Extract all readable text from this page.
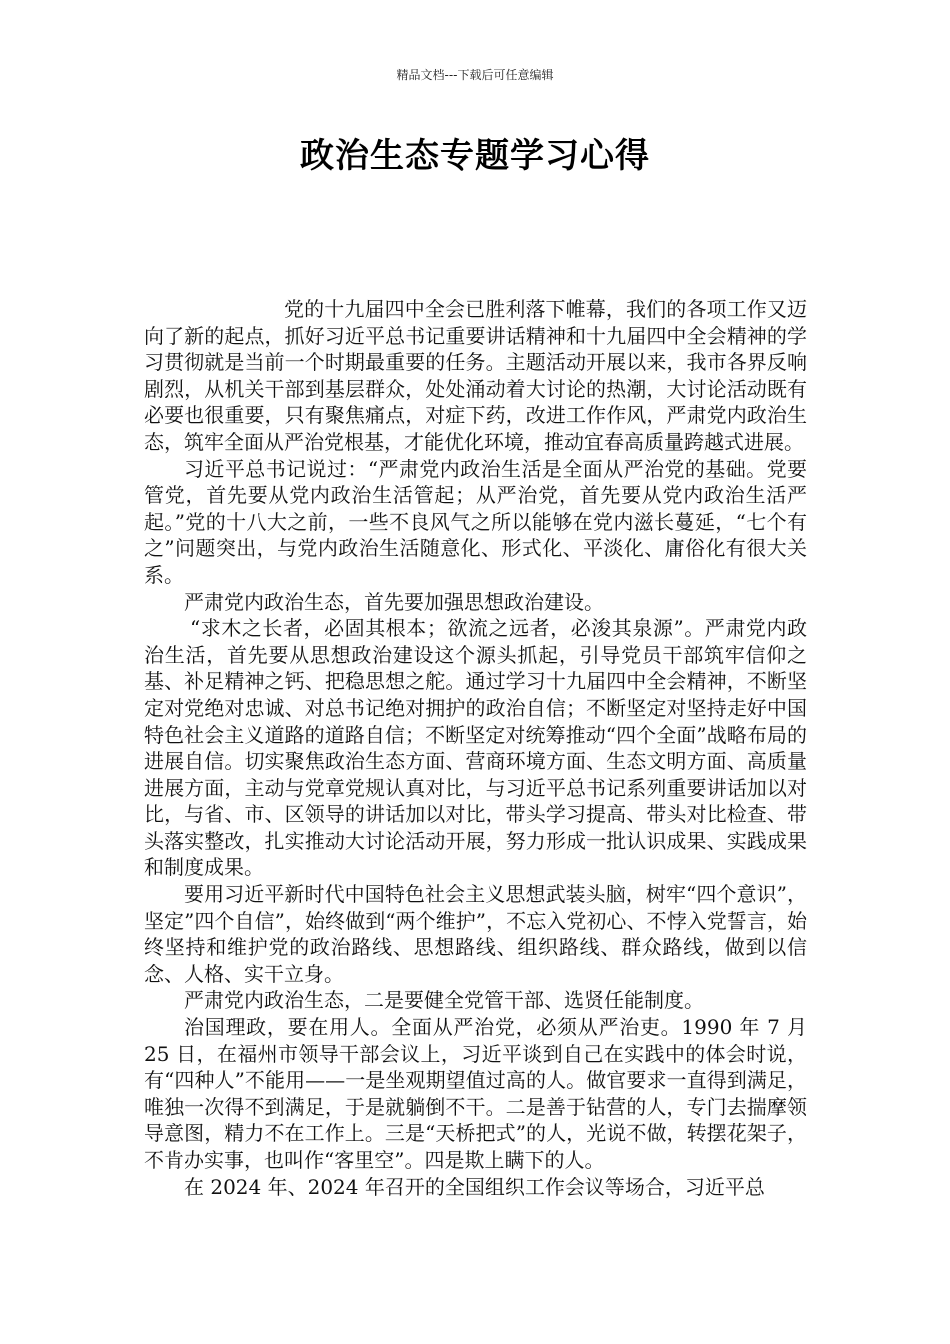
精品文档---下载后可任意编辑
政治生态专题学习心得

党的十九届四中全会已胜利落下帷幕，我们的各项工作又迈向了新的起点，抓好习近平总书记重要讲话精神和十九届四中全会精神的学习贯彻就是当前一个时期最重要的任务。主题活动开展以来，我市各界反响剧烈，从机关干部到基层群众，处处涌动着大讨论的热潮，大讨论活动既有必要也很重要，只有聚焦痛点，对症下药，改进工作作风，严肃党内政治生态，筑牢全面从严治党根基，才能优化环境，推动宜春高质量跨越式进展。

习近平总书记说过：“严肃党内政治生活是全面从严治党的基础。党要管党，首先要从党内政治生活管起；从严治党，首先要从党内政治生活严起。”党的十八大之前，一些不良风气之所以能够在党内滋长蔓延，“七个有之”问题突出，与党内政治生活随意化、形式化、平淡化、庸俗化有很大关系。

严肃党内政治生态，首先要加强思想政治建设。

“求木之长者，必固其根本；欲流之远者，必浚其泉源”。严肃党内政治生活，首先要从思想政治建设这个源头抓起，引导党员干部筑牢信仰之基、补足精神之钙、把稳思想之舵。通过学习十九届四中全会精神，不断坚定对党绝对忠诚、对总书记绝对拥护的政治自信；不断坚定对坚持走好中国特色社会主义道路的道路自信；不断坚定对统筹推动“四个全面”战略布局的进展自信。切实聚焦政治生态方面、营商环境方面、生态文明方面、高质量进展方面，主动与党章党规认真对比，与习近平总书记系列重要讲话加以对比，与省、市、区领导的讲话加以对比，带头学习提高、带头对比检查、带头落实整改，扎实推动大讨论活动开展，努力形成一批认识成果、实践成果和制度成果。

要用习近平新时代中国特色社会主义思想武装头脑，树牢“四个意识”，坚定”四个自信”，始终做到“两个维护”，不忘入党初心、不悖入党誓言，始终坚持和维护党的政治路线、思想路线、组织路线、群众路线，做到以信念、人格、实干立身。

严肃党内政治生态，二是要健全党管干部、选贤任能制度。

治国理政，要在用人。全面从严治党，必须从严治吏。1990 年 7 月 25 日，在福州市领导干部会议上，习近平谈到自己在实践中的体会时说，有“四种人”不能用——一是坐观期望值过高的人。做官要求一直得到满足，唯独一次得不到满足，于是就躺倒不干。二是善于钻营的人，专门去揣摩领导意图，精力不在工作上。三是“天桥把式”的人，光说不做，转摆花架子，不肯办实事，也叫作“客里空”。四是欺上瞒下的人。

在 2024 年、2024 年召开的全国组织工作会议等场合，习近平总
